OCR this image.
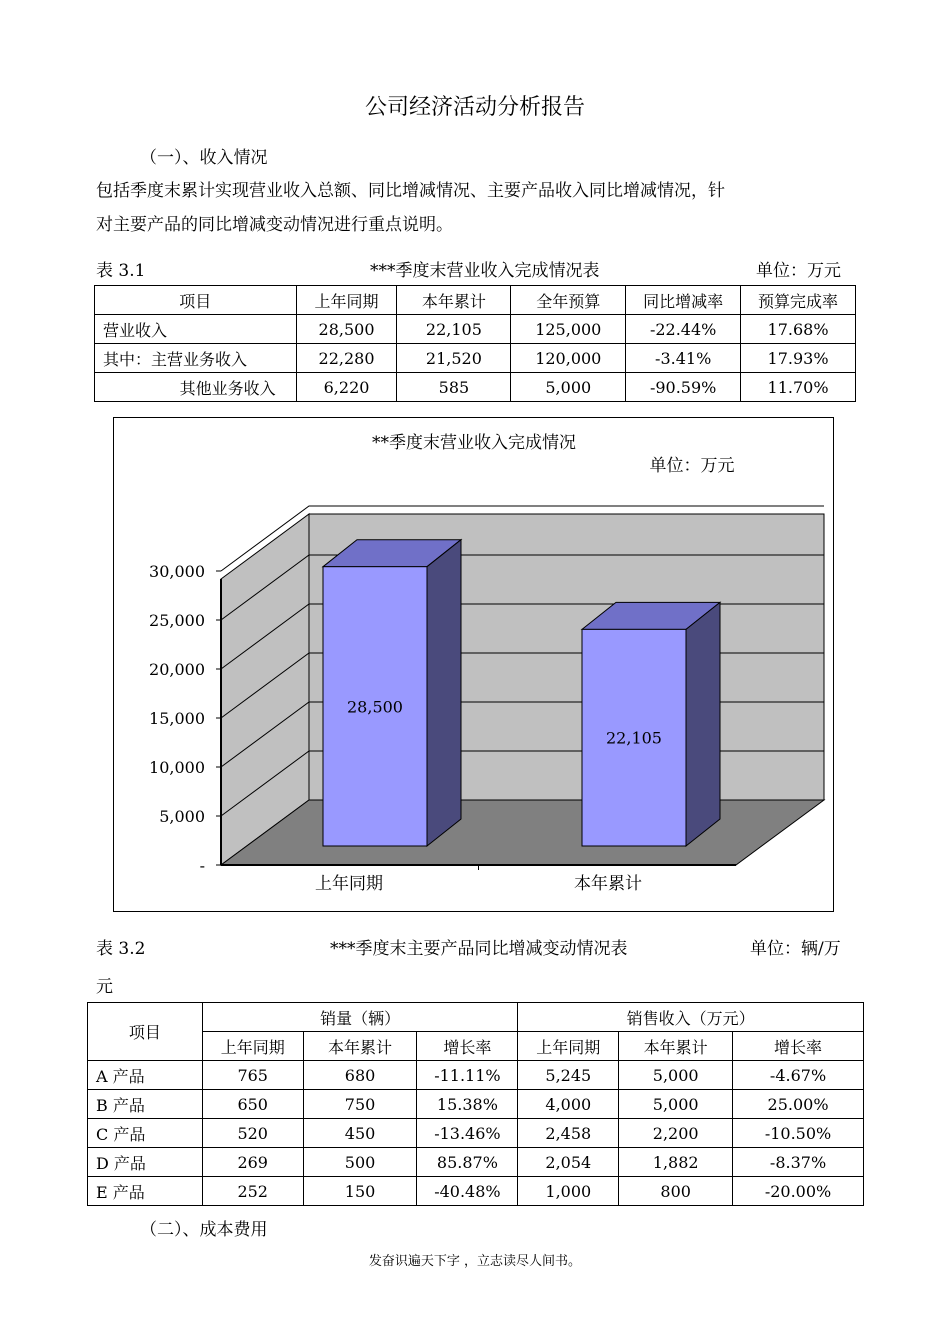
公司经济活动分析报告
（一）、收入情况
包括季度末累计实现营业收入总额、同比增减情况、主要产品收入同比增减情况，针
对主要产品的同比增减变动情况进行重点说明。
表 3.1	***季度末营业收入完成情况表	单位：万元
项目	上年同期	本年累计	全年预算	同比增减率	预算完成率
营业收入	28,500	22,105	125,000	-22.44%	17.68%
其中：主营业务收入	22,280	21,520	120,000	-3.41%	17.93%
其他业务收入	6,220	585	5,000	-90.59%	11.70%
-
5,000
10,000
15,000
20,000
25,000
30,000
28,500
上年同期
22,105
本年累计
**季度末营业收入完成情况
单位：万元
表 3.2	***季度末主要产品同比增减变动情况表	单位：辆/万
元
项目	销量（辆）			销售收入（万元）		
	上年同期	本年累计	增长率	上年同期	本年累计	增长率
A 产品	765	680	-11.11%	5,245	5,000	-4.67%
B 产品	650	750	15.38%	4,000	5,000	25.00%
C 产品	520	450	-13.46%	2,458	2,200	-10.50%
D 产品	269	500	85.87%	2,054	1,882	-8.37%
E 产品	252	150	-40.48%	1,000	800	-20.00%
（二）、成本费用
发奋识遍天下字 ，立志读尽人间书。
